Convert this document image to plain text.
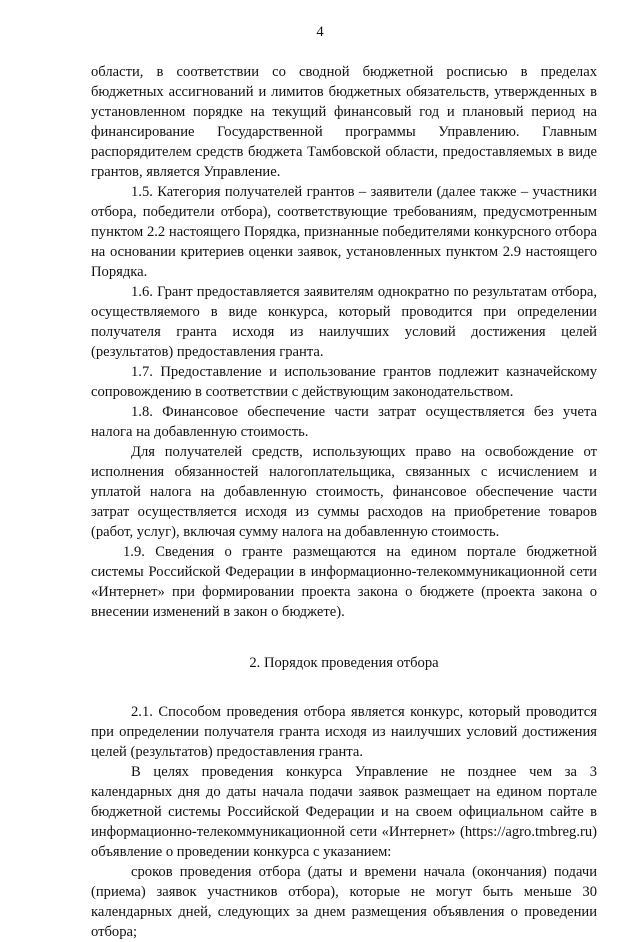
4

области, в соответствии со сводной бюджетной росписью в пределах бюджетных ассигнований и лимитов бюджетных обязательств, утвержденных в установленном порядке на текущий финансовый год и плановый период на финансирование Государственной программы Управлению. Главным распорядителем средств бюджета Тамбовской области, предоставляемых в виде грантов, является Управление.

1.5. Категория получателей грантов – заявители (далее также – участники отбора, победители отбора), соответствующие требованиям, предусмотренным пунктом 2.2 настоящего Порядка, признанные победителями конкурсного отбора на основании критериев оценки заявок, установленных пунктом 2.9 настоящего Порядка.

1.6. Грант предоставляется заявителям однократно по результатам отбора, осуществляемого в виде конкурса, который проводится при определении получателя гранта исходя из наилучших условий достижения целей (результатов) предоставления гранта.

1.7. Предоставление и использование грантов подлежит казначейскому сопровождению в соответствии с действующим законодательством.

1.8. Финансовое обеспечение части затрат осуществляется без учета налога на добавленную стоимость.

Для получателей средств, использующих право на освобождение от исполнения обязанностей налогоплательщика, связанных с исчислением и уплатой налога на добавленную стоимость, финансовое обеспечение части затрат осуществляется исходя из суммы расходов на приобретение товаров (работ, услуг), включая сумму налога на добавленную стоимость.

1.9. Сведения о гранте размещаются на едином портале бюджетной системы Российской Федерации в информационно-телекоммуникационной сети «Интернет» при формировании проекта закона о бюджете (проекта закона о внесении изменений в закон о бюджете).

2. Порядок проведения отбора

2.1. Способом проведения отбора является конкурс, который проводится при определении получателя гранта исходя из наилучших условий достижения целей (результатов) предоставления гранта.

В целях проведения конкурса Управление не позднее чем за 3 календарных дня до даты начала подачи заявок размещает на едином портале бюджетной системы Российской Федерации и на своем официальном сайте в информационно-телекоммуникационной сети «Интернет» (https://agro.tmbreg.ru) объявление о проведении конкурса с указанием:

сроков проведения отбора (даты и времени начала (окончания) подачи (приема) заявок участников отбора), которые не могут быть меньше 30 календарных дней, следующих за днем размещения объявления о проведении отбора;
